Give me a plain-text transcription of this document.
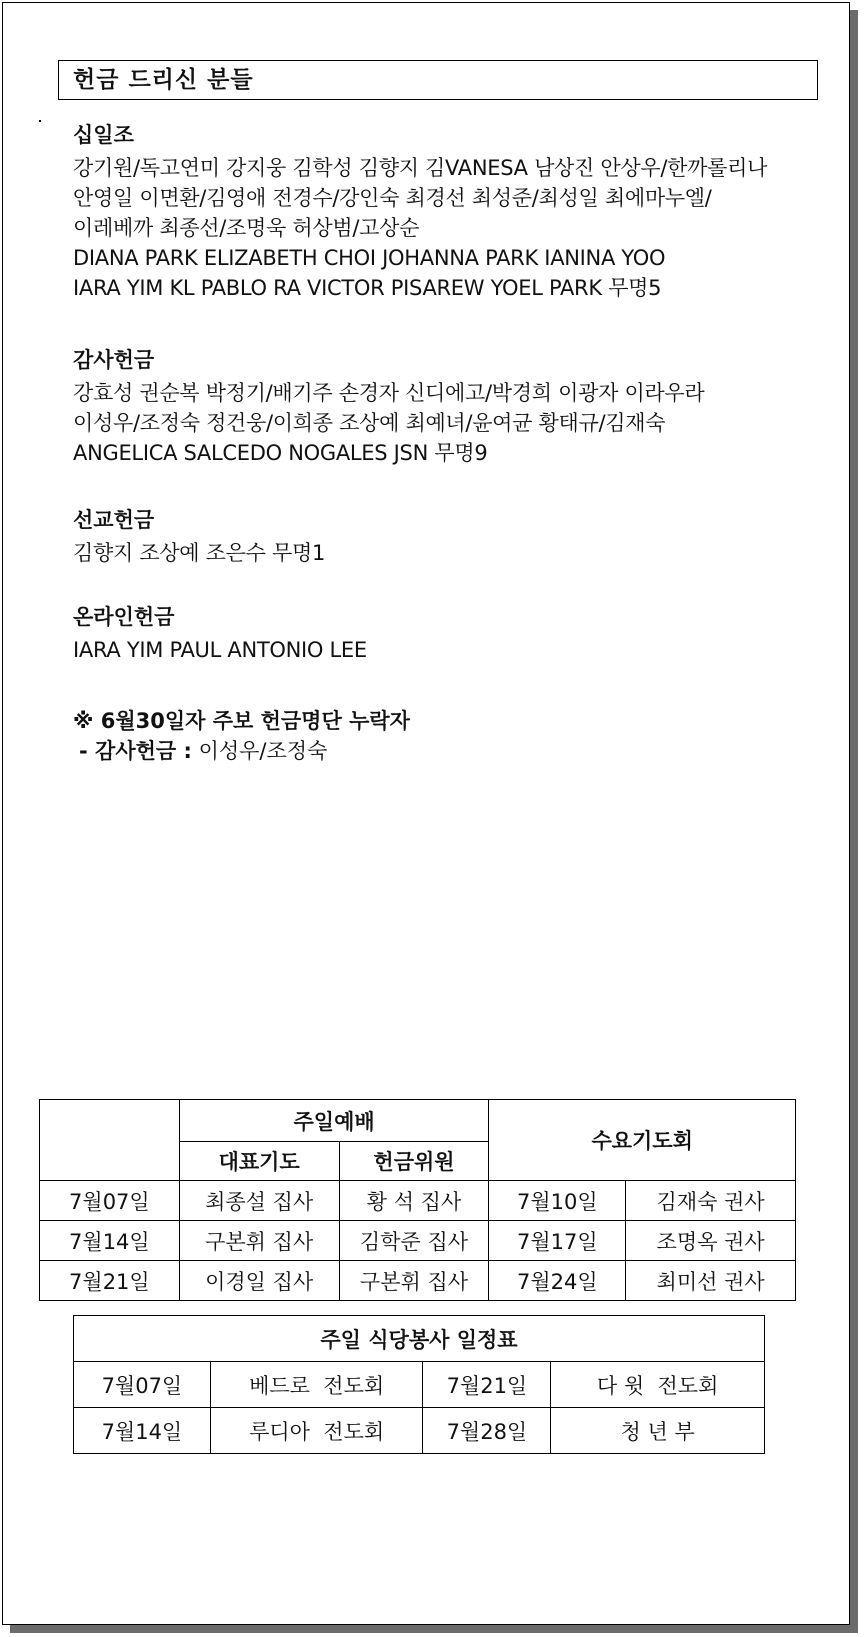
헌금 드리신 분들
십일조
강기원/독고연미 강지웅 김학성 김향지 김VANESA 남상진 안상우/한까롤리나
안영일 이면환/김영애 전경수/강인숙 최경선 최성준/최성일 최에마누엘/
이레베까 최종선/조명욱 허상범/고상순
DIANA PARK ELIZABETH CHOI JOHANNA PARK IANINA YOO
IARA YIM KL PABLO RA VICTOR PISAREW YOEL PARK 무명5
감사헌금
강효성 권순복 박정기/배기주 손경자 신디에고/박경희 이광자 이라우라
이성우/조정숙 정건웅/이희종 조상예 최예녀/윤여균 황태규/김재숙
ANGELICA SALCEDO NOGALES JSN 무명9
선교헌금
김향지 조상예 조은수 무명1
온라인헌금
IARA YIM PAUL ANTONIO LEE
※ 6월30일자 주보 헌금명단 누락자
- 감사헌금 : 이성우/조정숙
	주일예배		수요기도회	
	대표기도	헌금위원		
7월07일	최종설 집사	황 석 집사	7월10일	김재숙 권사
7월14일	구본휘 집사	김학준 집사	7월17일	조명옥 권사
7월21일	이경일 집사	구본휘 집사	7월24일	최미선 권사
주일 식당봉사 일정표			
7월07일	베드로  전도회	7월21일	다 윗  전도회
7월14일	루디아  전도회	7월28일	청 년 부
